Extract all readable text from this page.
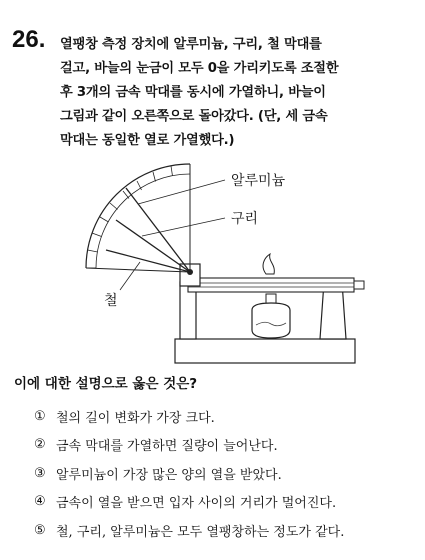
26. 열팽창 측정 장치에 알루미늄, 구리, 철 막대를
걸고, 바늘의 눈금이 모두 0을 가리키도록 조절한
후 3개의 금속 막대를 동시에 가열하니, 바늘이
그림과 같이 오른쪽으로 돌아갔다. (단, 세 금속
막대는 동일한 열로 가열했다.)
알루미늄
구리
철
이에 대한 설명으로 옳은 것은?
① 철의 길이 변화가 가장 크다.
② 금속 막대를 가열하면 질량이 늘어난다.
③ 알루미늄이 가장 많은 양의 열을 받았다.
④ 금속이 열을 받으면 입자 사이의 거리가 멀어진다.
⑤ 철, 구리, 알루미늄은 모두 열팽창하는 정도가 같다.
